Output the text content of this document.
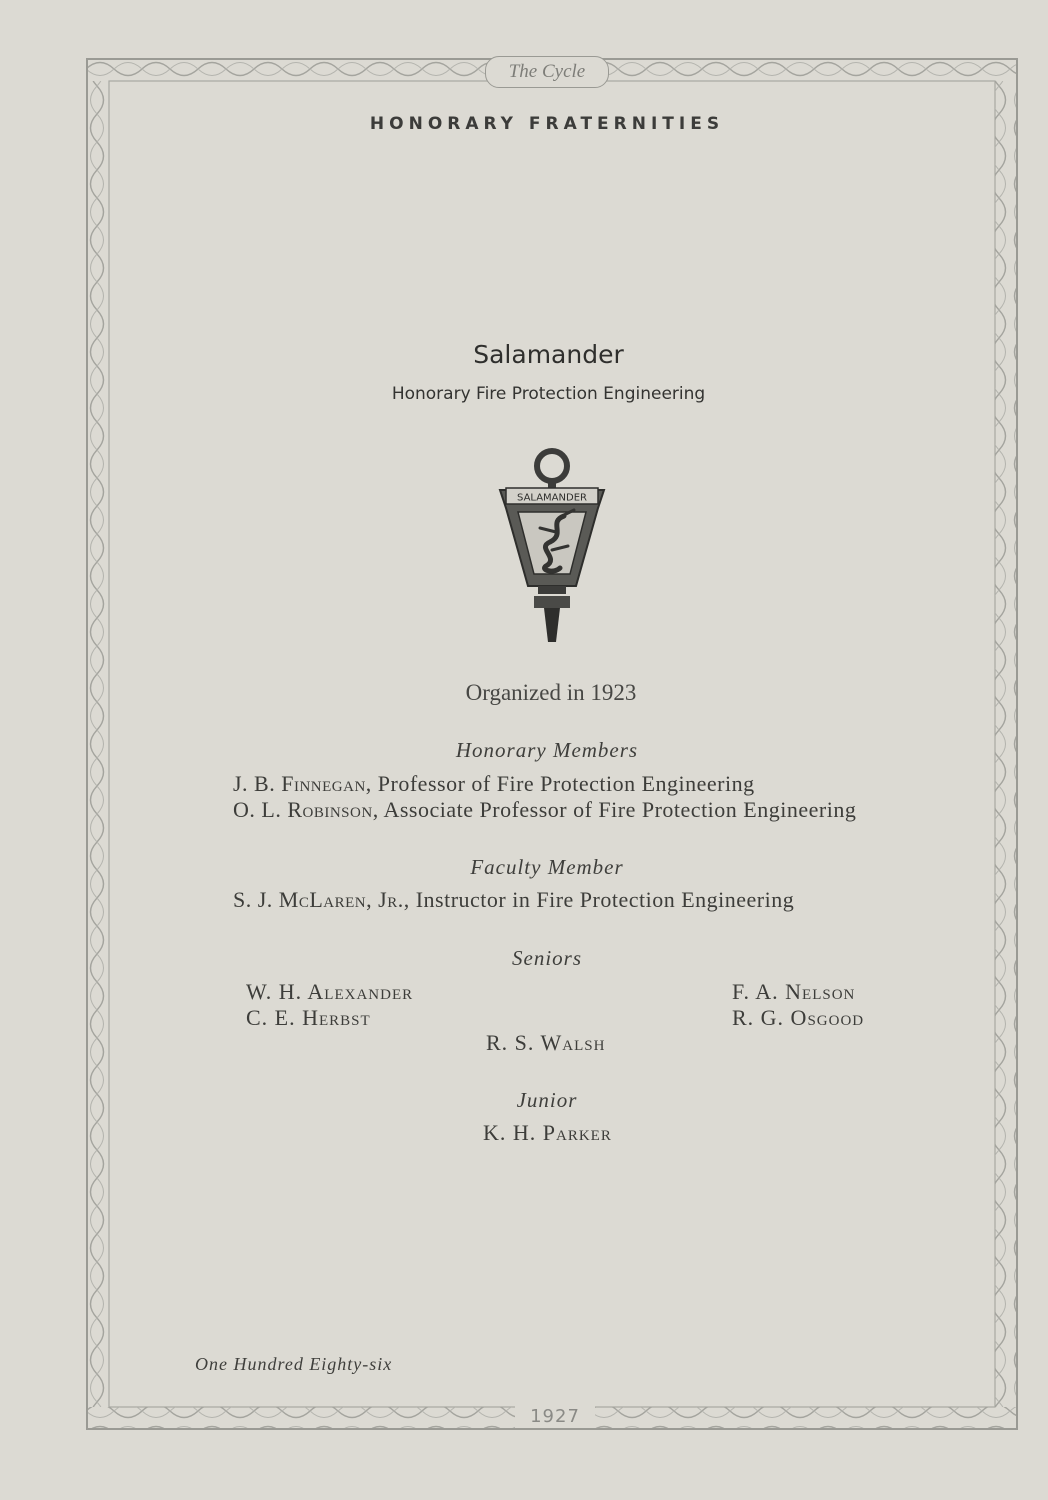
The Cycle
1927
HONORARY FRATERNITIES
Salamander
Honorary Fire Protection Engineering
SALAMANDER
Organized in 1923
Honorary Members
J. B. Finnegan, Professor of Fire Protection Engineering
O. L. Robinson, Associate Professor of Fire Protection Engineering
Faculty Member
S. J. McLaren, Jr., Instructor in Fire Protection Engineering
Seniors
W. H. Alexander
C. E. Herbst
F. A. Nelson
R. G. Osgood
R. S. Walsh
Junior
K. H. Parker
One Hundred Eighty-six
